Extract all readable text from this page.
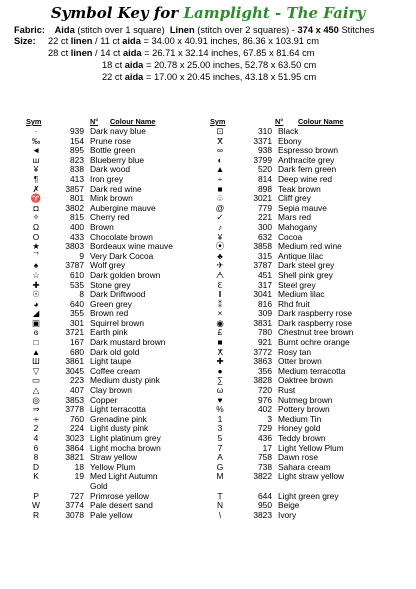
Symbol Key for Lamplight - The Fairy
Fabric: Aida (stitch over 1 square) Linen (stitch over 2 squares) - 374 x 450 Stitches
Size: 22 ct linen / 11 ct aida = 34.00 x 40.91 inches, 86.36 x 103.91 cm
28 ct linen / 14 ct aida = 26.71 x 32.14 inches, 67.85 x 81.64 cm
18 ct aida = 20.78 x 25.00 inches, 52.78 x 63.50 cm
22 ct aida = 17.00 x 20.45 inches, 43.18 x 51.95 cm
Sym	N° Colour Name	Sym	N° Colour Name
·	939 Dark navy blue
‰	154 Prune rose
◄	895 Bottle green
ш	823 Blueberry blue
¥	838 Dark wood
¶	413 Iron grey
✗	3857 Dark red wine
♈	801 Mink brown
◘	3802 Aubergine mauve
✧	815 Cherry red
Ω	400 Brown
Ο	433 Chocolate brown
★	3803 Bordeaux wine mauve
ᄀ	9 Very Dark Cocoa
♠	3787 Wolf grey
☆	610 Dark golden brown
✚	535 Stone grey
☉	8 Dark Driftwood
◕	640 Green grey
◢	355 Brown red
▣	301 Squirrel brown
ɞ	3721 Earth pink
□	167 Dark mustard brown
▲	680 Dark old gold
Ш	3861 Light taupe
▽	3045 Coffee cream
▭	223 Medium dusty pink
△	407 Clay brown
◎	3853 Copper
⇒	3778 Light terracotta
∻	760 Grenadine pink
2	224 Light dusty pink
4	3023 Light platinum grey
6	3864 Light mocha brown
8	3821 Straw yellow
D	18 Yellow Plum
K	19 Med Light Autumn
Gold
P	727 Primrose yellow
W	3774 Pale desert sand
R	3078 Pale yellow
⊡	310 Black
ⴳ	3371 Ebony
∞	938 Espresso brown
◐	3799 Anthracite grey
▲	520 Dark fern green
÷	814 Deep wine red
■	898 Teak brown
♧	3021 Cliff grey
@	779 Sepia mauve
✓	221 Mars red
♪	300 Mahogany
¥	632 Cocoa
⦿	3858 Medium red wine
♣	315 Antique lilac
✈	3787 Dark steel grey
ᗅ	451 Shell pink grey
ℇ	317 Steel grey
‖	3041 Medium lilac
⁑	816 Rhd fruit
×	309 Dark raspberry rose
◉	3831 Dark raspberry rose
£	780 Chestnut tree brown
■	921 Burnt ochre orange
ⵅ	3772 Rosy tan
✚	3863 Otter brown
●	356 Medium terracotta
∑	3828 Oaktree brown
ω	720 Rust
♥	976 Nutmeg brown
%	402 Pottery brown
1	3 Medium Tin
3	729 Honey gold
5	436 Teddy brown
7	17 Light Yellow Plum
A	758 Dawn rose
G	738 Sahara cream
M	3822 Light straw yellow
T	644 Light green grey
N	950 Beige
\	3823 Ivory
